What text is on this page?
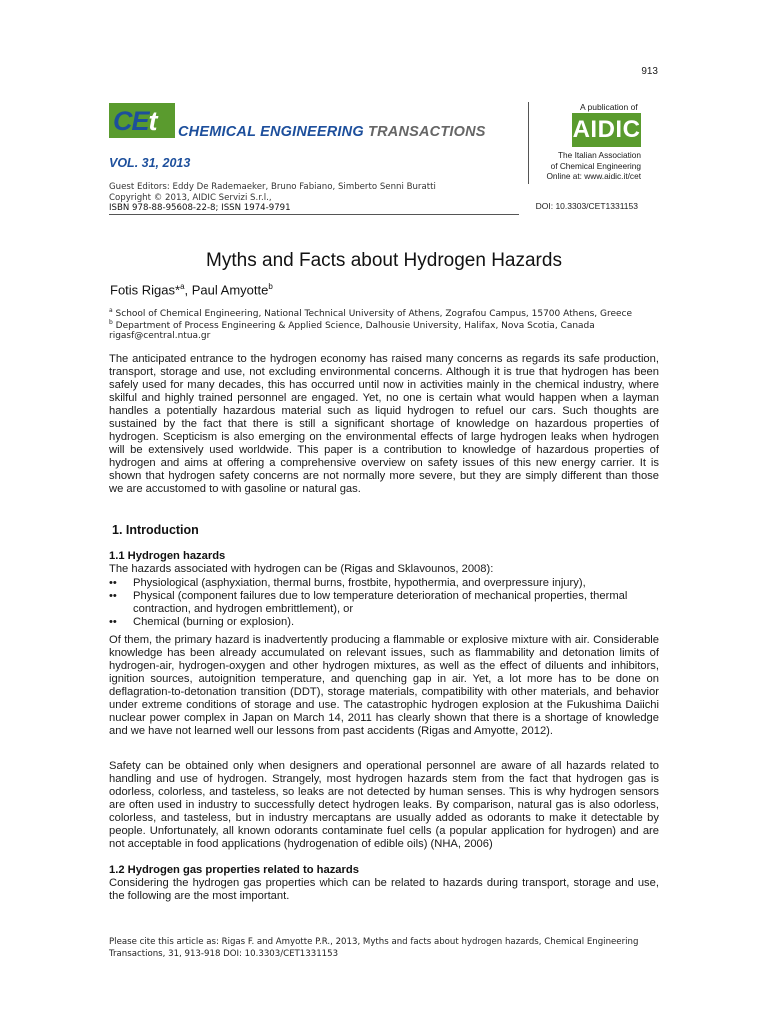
913
CEt CHEMICAL ENGINEERING TRANSACTIONS
VOL. 31, 2013
Guest Editors: Eddy De Rademaeker, Bruno Fabiano, Simberto Senni Buratti
Copyright © 2013, AIDIC Servizi S.r.l.,
ISBN 978-88-95608-22-8; ISSN 1974-9791
A publication of
AIDIC
The Italian Association
of Chemical Engineering
Online at: www.aidic.it/cet
DOI: 10.3303/CET1331153
Myths and Facts about Hydrogen Hazards
Fotis Rigas*$^a$, Paul Amyotte$^b$
$^a$ School of Chemical Engineering, National Technical University of Athens, Zografou Campus, 15700 Athens, Greece
$^b$ Department of Process Engineering & Applied Science, Dalhousie University, Halifax, Nova Scotia, Canada
rigasf@central.ntua.gr
The anticipated entrance to the hydrogen economy has raised many concerns as regards its safe production, transport, storage and use, not excluding environmental concerns. Although it is true that hydrogen has been safely used for many decades, this has occurred until now in activities mainly in the chemical industry, where skilful and highly trained personnel are engaged. Yet, no one is certain what would happen when a layman handles a potentially hazardous material such as liquid hydrogen to refuel our cars. Such thoughts are sustained by the fact that there is still a significant shortage of knowledge on hazardous properties of hydrogen. Scepticism is also emerging on the environmental effects of large hydrogen leaks when hydrogen will be extensively used worldwide. This paper is a contribution to knowledge of hazardous properties of hydrogen and aims at offering a comprehensive overview on safety issues of this new energy carrier. It is shown that hydrogen safety concerns are not normally more severe, but they are simply different than those we are accustomed to with gasoline or natural gas.
1. Introduction
1.1 Hydrogen hazards
The hazards associated with hydrogen can be (Rigas and Sklavounos, 2008):
•• Physiological (asphyxiation, thermal burns, frostbite, hypothermia, and overpressure injury),
•• Physical (component failures due to low temperature deterioration of mechanical properties, thermal contraction, and hydrogen embrittlement), or
•• Chemical (burning or explosion).
Of them, the primary hazard is inadvertently producing a flammable or explosive mixture with air. Considerable knowledge has been already accumulated on relevant issues, such as flammability and detonation limits of hydrogen-air, hydrogen-oxygen and other hydrogen mixtures, as well as the effect of diluents and inhibitors, ignition sources, autoignition temperature, and quenching gap in air. Yet, a lot more has to be done on deflagration-to-detonation transition (DDT), storage materials, compatibility with other materials, and behavior under extreme conditions of storage and use. The catastrophic hydrogen explosion at the Fukushima Daiichi nuclear power complex in Japan on March 14, 2011 has clearly shown that there is a shortage of knowledge and we have not learned well our lessons from past accidents (Rigas and Amyotte, 2012).
Safety can be obtained only when designers and operational personnel are aware of all hazards related to handling and use of hydrogen. Strangely, most hydrogen hazards stem from the fact that hydrogen gas is odorless, colorless, and tasteless, so leaks are not detected by human senses. This is why hydrogen sensors are often used in industry to successfully detect hydrogen leaks. By comparison, natural gas is also odorless, colorless, and tasteless, but in industry mercaptans are usually added as odorants to make it detectable by people. Unfortunately, all known odorants contaminate fuel cells (a popular application for hydrogen) and are not acceptable in food applications (hydrogenation of edible oils) (NHA, 2006)
1.2 Hydrogen gas properties related to hazards
Considering the hydrogen gas properties which can be related to hazards during transport, storage and use, the following are the most important.
Please cite this article as: Rigas F. and Amyotte P.R., 2013, Myths and facts about hydrogen hazards, Chemical Engineering Transactions, 31, 913-918 DOI: 10.3303/CET1331153
